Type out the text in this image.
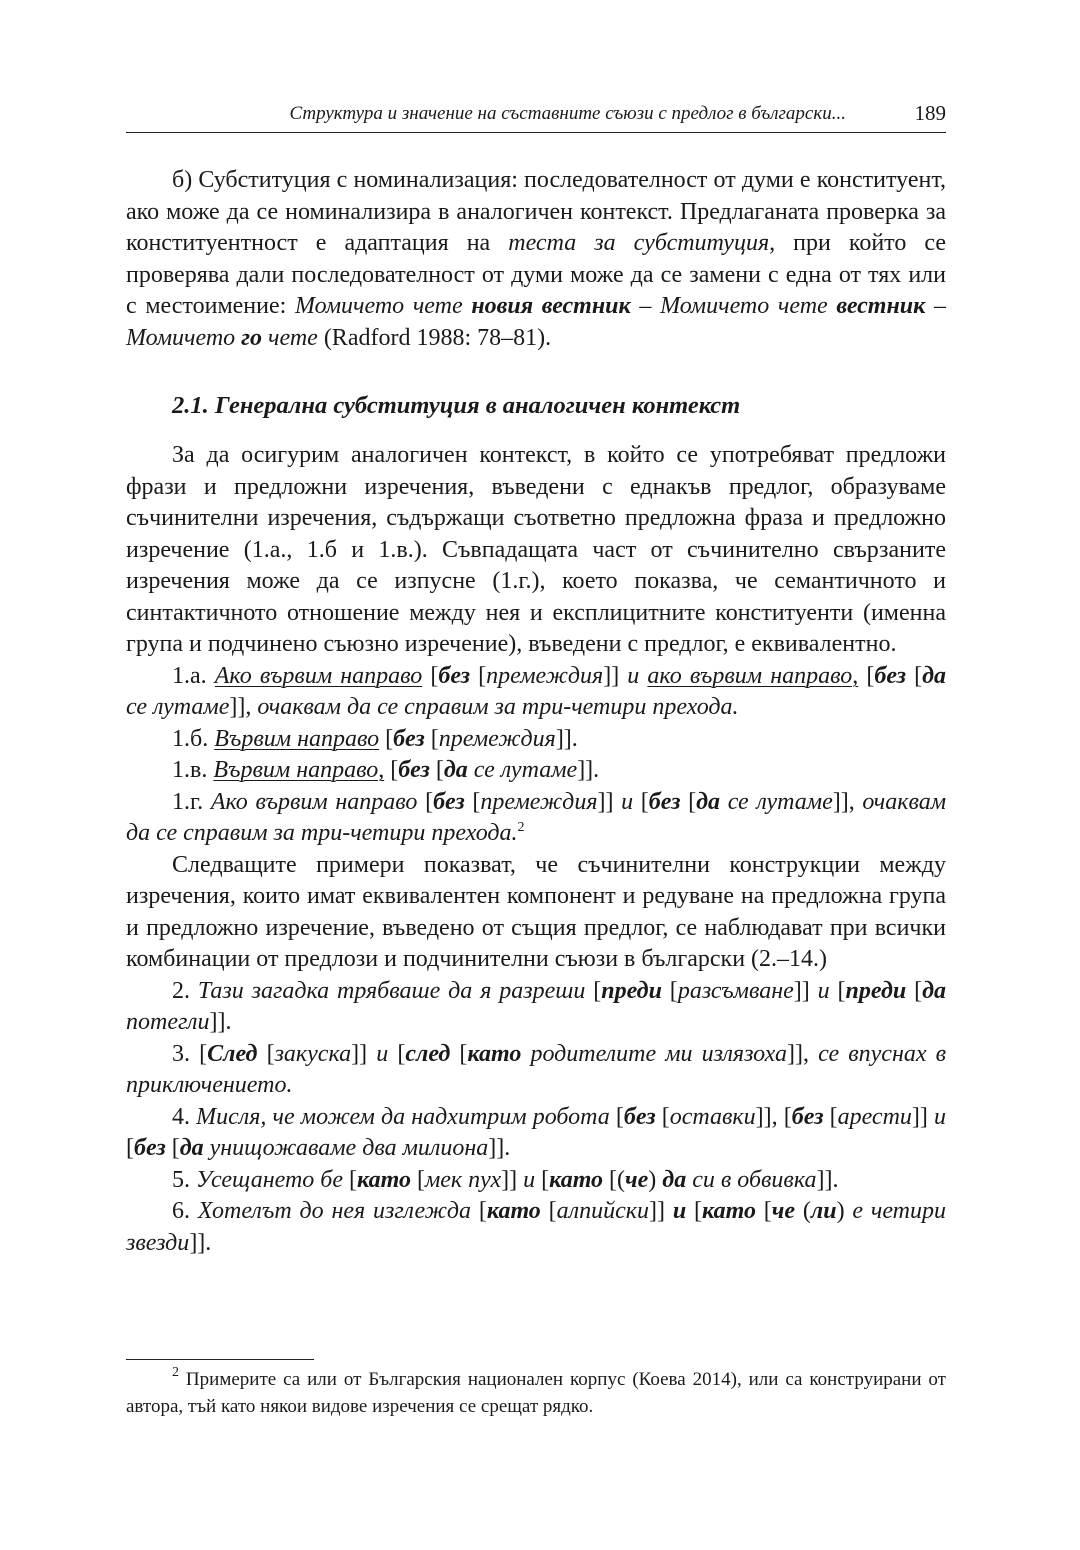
Структура и значение на съставните съюзи с предлог в български...	189

б) Субституция с номинализация: последователност от думи е конституент, ако може да се номинализира в аналогичен контекст. Предлаганата проверка за конституентност е адаптация на теста за субституция, при който се проверява дали последователност от думи може да се замени с една от тях или с местоимение: Момичето чете новия вестник – Момичето чете вестник – Момичето го чете (Radford 1988: 78–81).

2.1. Генерална субституция в аналогичен контекст

За да осигурим аналогичен контекст, в който се употребяват предложи фрази и предложни изречения, въведени с еднакъв предлог, образуваме съчинителни изречения, съдържащи съответно предложна фраза и предложно изречение (1.а., 1.б и 1.в.). Съвпадащата част от съчинително свързаните изречения може да се изпусне (1.г.), което показва, че семантичното и синтактичното отношение между нея и експлицитните конституенти (именна група и подчинено съюзно изречение), въведени с предлог, е еквивалентно.

1.а. Ако вървим направо [без [премеждия]] и ако вървим направо, [без [да се лутаме]], очаквам да се справим за три-четири прехода.

1.б. Вървим направо [без [премеждия]].

1.в. Вървим направо, [без [да се лутаме]].

1.г. Ако вървим направо [без [премеждия]] и [без [да се лутаме]], очаквам да се справим за три-четири прехода.$^2$

Следващите примери показват, че съчинителни конструкции между изречения, които имат еквивалентен компонент и редуване на предложна група и предложно изречение, въведено от същия предлог, се наблюдават при всички комбинации от предлози и подчинителни съюзи в български (2.–14.)

2. Тази загадка трябваше да я разреши [преди [разсъмване]] и [преди [да потегли]].

3. [След [закуска]] и [след [като родителите ми излязоха]], се впуснах в приключението.

4. Мисля, че можем да надхитрим робота [без [оставки]], [без [арести]] и [без [да унищожаваме два милиона]].

5. Усещането бе [като [мек пух]] и [като [(че) да си в обвивка]].

6. Хотелът до нея изглежда [като [алпийски]] и [като [че (ли) е четири звезди]].

$^2$ Примерите са или от Българския национален корпус (Коева 2014), или са конструирани от автора, тъй като някои видове изречения се срещат рядко.
